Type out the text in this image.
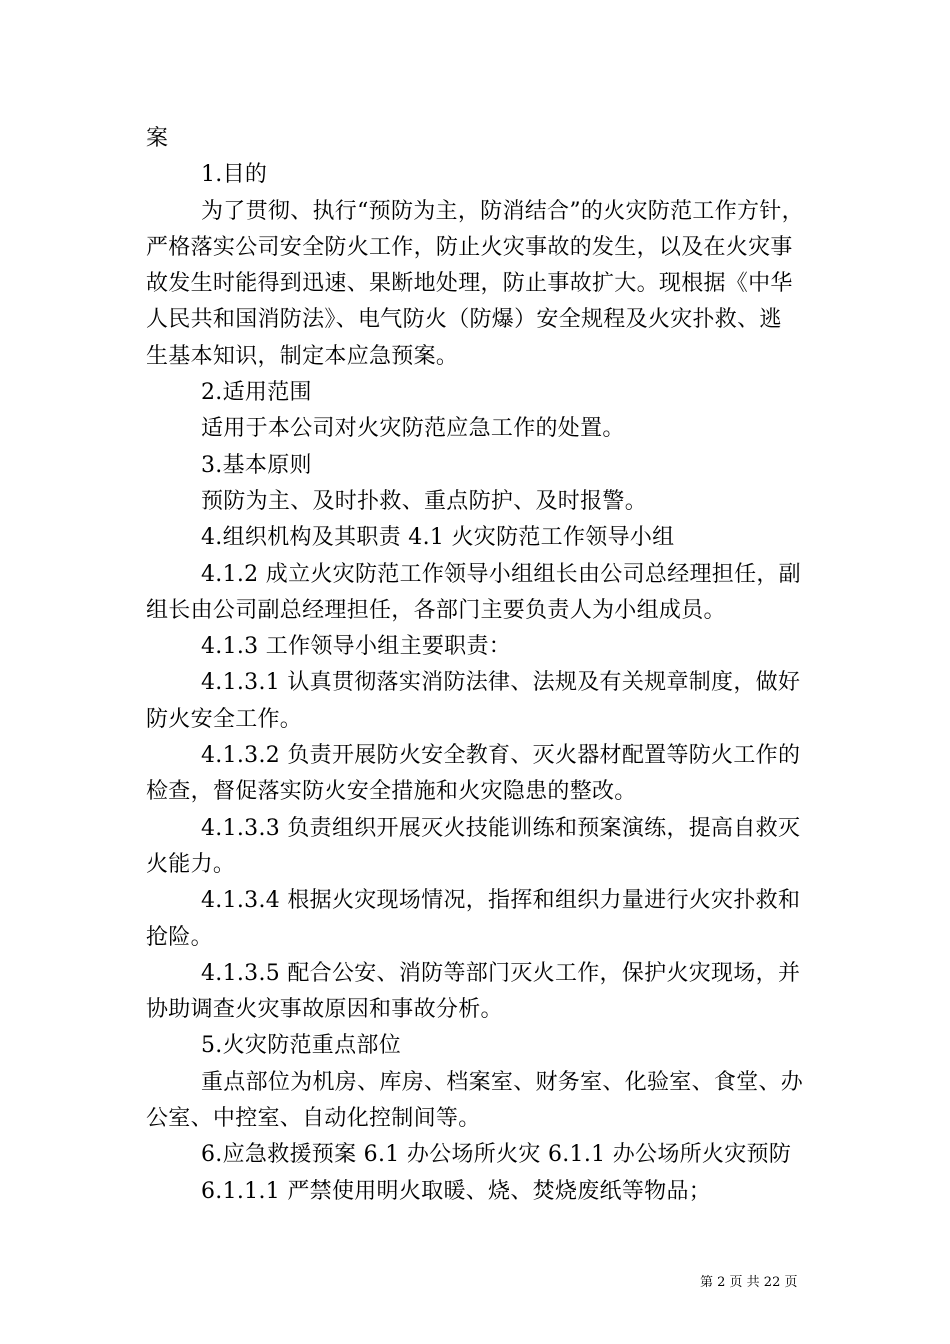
案
1.目的
为了贯彻、执行“预防为主，防消结合”的火灾防范工作方针，
严格落实公司安全防火工作，防止火灾事故的发生，以及在火灾事
故发生时能得到迅速、果断地处理，防止事故扩大。现根据《中华
人民共和国消防法》、电气防火（防爆）安全规程及火灾扑救、逃
生基本知识，制定本应急预案。
2.适用范围
适用于本公司对火灾防范应急工作的处置。
3.基本原则
预防为主、及时扑救、重点防护、及时报警。
4.组织机构及其职责 4.1 火灾防范工作领导小组
4.1.2 成立火灾防范工作领导小组组长由公司总经理担任，副
组长由公司副总经理担任，各部门主要负责人为小组成员。
4.1.3 工作领导小组主要职责：
4.1.3.1 认真贯彻落实消防法律、法规及有关规章制度，做好
防火安全工作。
4.1.3.2 负责开展防火安全教育、灭火器材配置等防火工作的
检查，督促落实防火安全措施和火灾隐患的整改。
4.1.3.3 负责组织开展灭火技能训练和预案演练，提高自救灭
火能力。
4.1.3.4 根据火灾现场情况，指挥和组织力量进行火灾扑救和
抢险。
4.1.3.5 配合公安、消防等部门灭火工作，保护火灾现场，并
协助调查火灾事故原因和事故分析。
5.火灾防范重点部位
重点部位为机房、库房、档案室、财务室、化验室、食堂、办
公室、中控室、自动化控制间等。
6.应急救援预案 6.1 办公场所火灾 6.1.1 办公场所火灾预防
6.1.1.1 严禁使用明火取暖、烧、焚烧废纸等物品；
第 2 页 共 22 页
